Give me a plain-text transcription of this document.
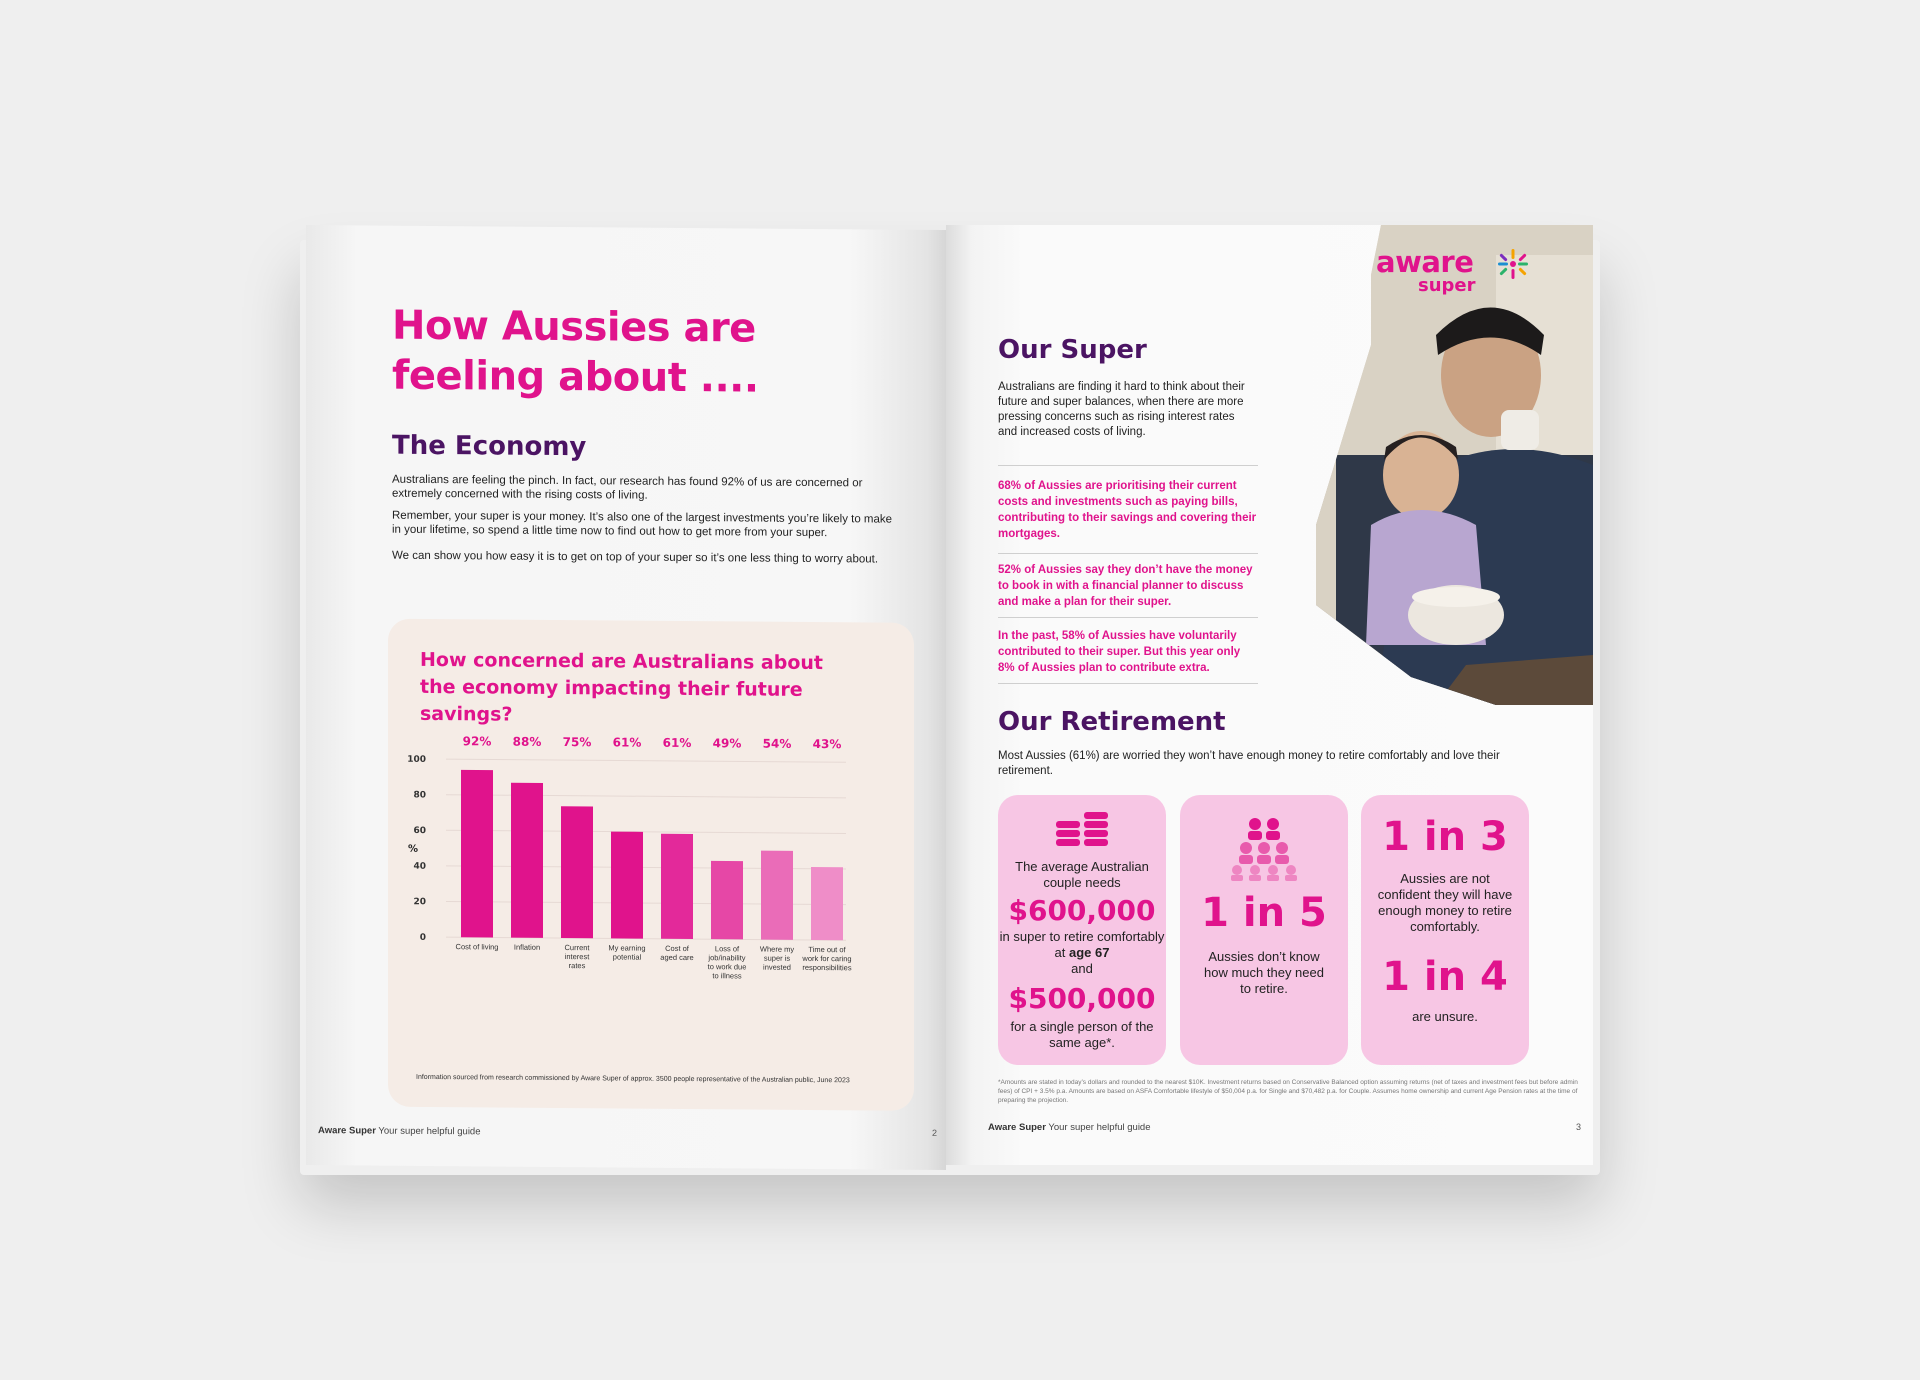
How Aussies are
feeling about ....
The Economy
Australians are feeling the pinch. In fact, our research has found 92% of us are concerned or extremely concerned with the rising costs of living.
Remember, your super is your money. It’s also one of the largest investments you’re likely to make in your lifetime, so spend a little time now to find out how to get more from your super.
We can show you how easy it is to get on top of your super so it’s one less thing to worry about.
How concerned are Australians about the economy impacting their future savings?
0
20
40
60
80
100
%
92%
Cost of living
88%
Inflation
75%
Current
interest
rates
61%
My earning
potential
61%
Cost of
aged care
49%
Loss of
job/inability
to work due
to illness
54%
Where my
super is
invested
43%
Time out of
work for caring
responsibilities
Information sourced from research commissioned by Aware Super of approx. 3500 people representative of the Australian public, June 2023
Aware Super Your super helpful guide	2
aware
super
Our Super
Australians are finding it hard to think about their future and super balances, when there are more pressing concerns such as rising interest rates and increased costs of living.
68% of Aussies are prioritising their current costs and investments such as paying bills, contributing to their savings and covering their mortgages.
52% of Aussies say they don’t have the money to book in with a financial planner to discuss and make a plan for their super.
In the past, 58% of Aussies have voluntarily contributed to their super. But this year only 8% of Aussies plan to contribute extra.
Our Retirement
Most Aussies (61%) are worried they won’t have enough money to retire comfortably and love their retirement.
The average Australian couple needs
$600,000
in super to retire comfortably at age 67
and
$500,000
for a single person of the same age*.
1 in 5
Aussies don’t know how much they need to retire.
1 in 3
Aussies are not confident they will have enough money to retire comfortably.
1 in 4
are unsure.
*Amounts are stated in today’s dollars and rounded to the nearest $10K. Investment returns based on Conservative Balanced option assuming returns (net of taxes and investment fees but before admin fees) of CPI + 3.5% p.a. Amounts are based on ASFA Comfortable lifestyle of $50,004 p.a. for Single and $70,482 p.a. for Couple. Assumes home ownership and current Age Pension rates at the time of preparing the projection.
Aware Super Your super helpful guide	3
